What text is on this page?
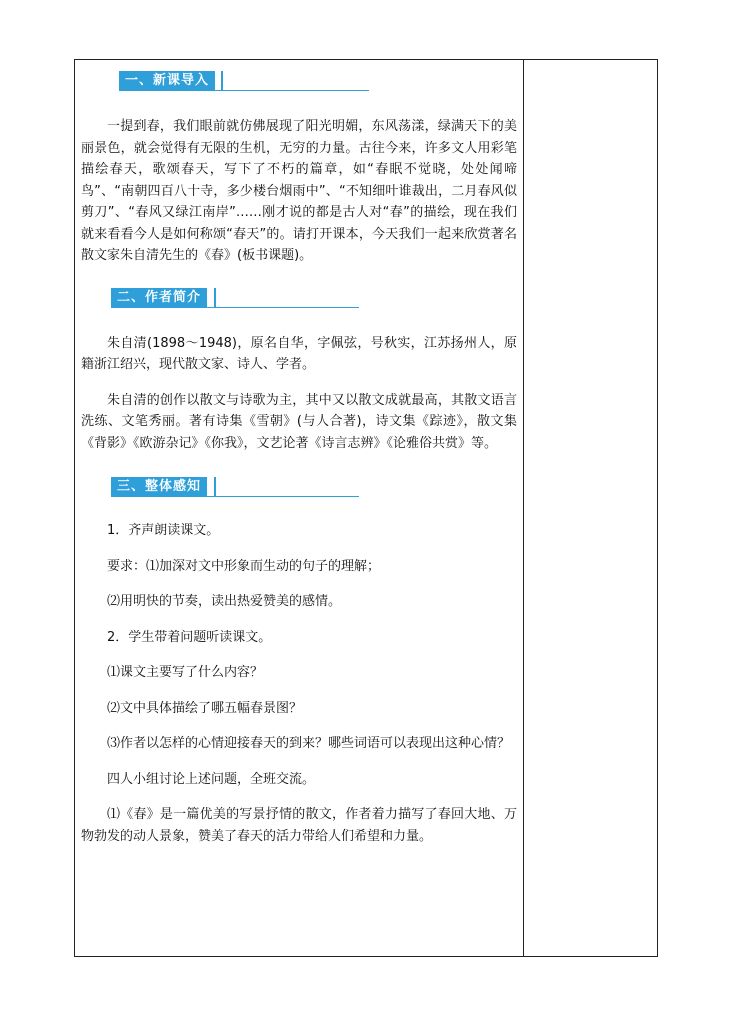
一、新课导入

一提到春，我们眼前就仿佛展现了阳光明媚，东风荡漾，绿满天下的美丽景色，就会觉得有无限的生机，无穷的力量。古往今来，许多文人用彩笔描绘春天，歌颂春天，写下了不朽的篇章，如“春眠不觉晓，处处闻啼鸟”、“南朝四百八十寺，多少楼台烟雨中”、“不知细叶谁裁出，二月春风似剪刀”、“春风又绿江南岸”……刚才说的都是古人对“春”的描绘，现在我们就来看看今人是如何称颂“春天”的。请打开课本，今天我们一起来欣赏著名散文家朱自清先生的《春》(板书课题)。

二、作者简介

朱自清(1898～1948)，原名自华，字佩弦，号秋实，江苏扬州人，原籍浙江绍兴，现代散文家、诗人、学者。

朱自清的创作以散文与诗歌为主，其中又以散文成就最高，其散文语言洗练、文笔秀丽。著有诗集《雪朝》(与人合著)，诗文集《踪迹》，散文集《背影》《欧游杂记》《你我》，文艺论著《诗言志辨》《论雅俗共赏》等。

三、整体感知

1．齐声朗读课文。

要求：⑴加深对文中形象而生动的句子的理解；

⑵用明快的节奏，读出热爱赞美的感情。

2．学生带着问题听读课文。

⑴课文主要写了什么内容？

⑵文中具体描绘了哪五幅春景图？

⑶作者以怎样的心情迎接春天的到来？哪些词语可以表现出这种心情？

四人小组讨论上述问题，全班交流。

⑴《春》是一篇优美的写景抒情的散文，作者着力描写了春回大地、万物勃发的动人景象，赞美了春天的活力带给人们希望和力量。
